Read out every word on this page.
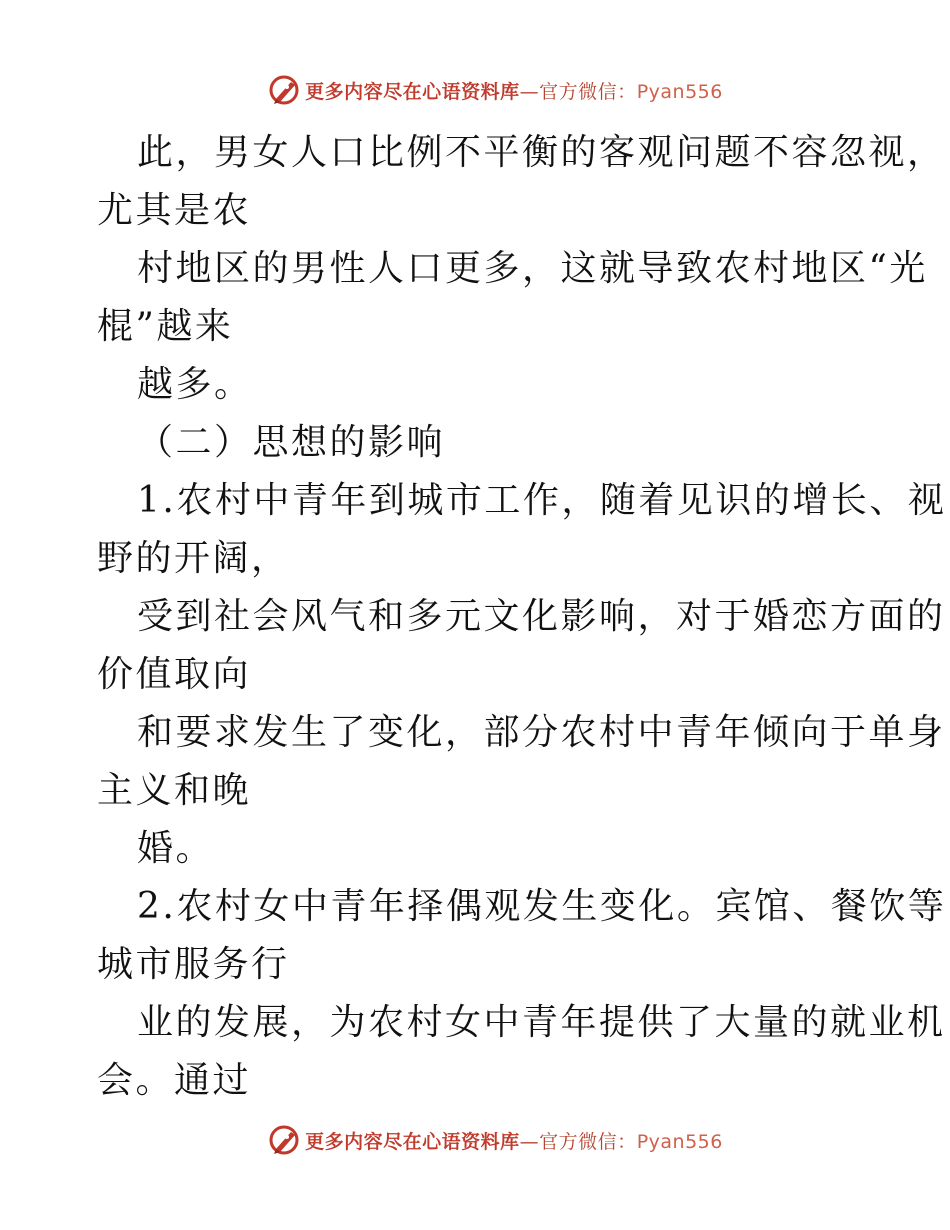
更多内容尽在心语资料库—官方微信：Pyan556
此，男女人口比例不平衡的客观问题不容忽视，
尤其是农
村地区的男性人口更多，这就导致农村地区“光
棍”越来
越多。
（二）思想的影响
1.农村中青年到城市工作，随着见识的增长、视
野的开阔，
受到社会风气和多元文化影响，对于婚恋方面的
价值取向
和要求发生了变化，部分农村中青年倾向于单身
主义和晚
婚。
2.农村女中青年择偶观发生变化。宾馆、餐饮等
城市服务行
业的发展，为农村女中青年提供了大量的就业机
会。通过
更多内容尽在心语资料库—官方微信：Pyan556
